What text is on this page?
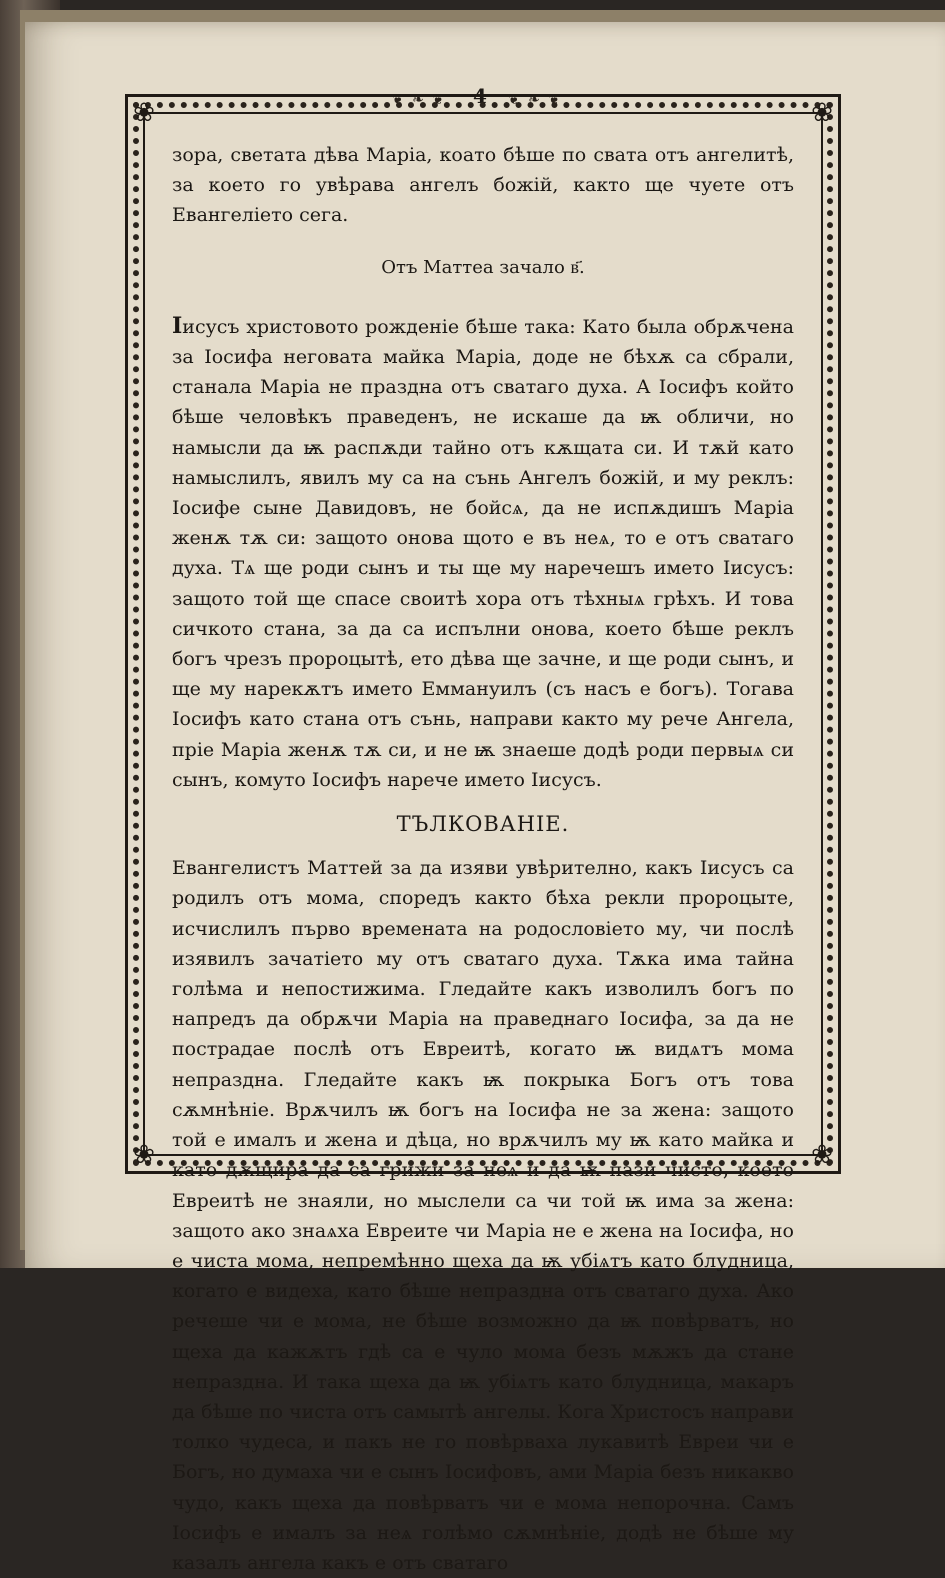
❦ ❧ ❦	4	❦ ❧ ❦
❀	❀
❀	❀

зора, светата дѣва Марiа, коато бѣше по свата отъ ангелитѣ, за което го увѣрава ангелъ божiй, както ще чуете отъ Евангелiето сега.

Отъ Маттеа зачало в҃.

Iисусъ христовото рожденiе бѣше така: Като была обрѫчена за Iосифа неговата майка Марiа, доде не бѣхѫ са сбрали, станала Марiа не праздна отъ сватаго духа. А Iосифъ който бѣше человѣкъ праведенъ, не искаше да ѭ обличи, но намысли да ѭ распѫди тайно отъ кѫщата си. И тѫй като намыслилъ, явилъ му са на сънь Ангелъ божiй, и му реклъ: Iосифе сыне Давидовъ, не бойсѧ, да не испѫдишъ Марiа женѫ тѫ си: защото онова щото е въ неѧ, то е отъ сватаго духа. Тѧ ще роди сынъ и ты ще му наречешъ името Iисусъ: защото той ще спасе своитѣ хора отъ тѣхныѧ грѣхъ. И това сичкото стана, за да са испълни онова, което бѣше реклъ богъ чрезъ пророцытѣ, ето дѣва ще зачне, и ще роди сынъ, и ще му нарекѫтъ името Еммануилъ (съ насъ е богъ). Тогава Iосифъ като стана отъ сънь, направи както му рече Ангела, прiе Марiа женѫ тѫ си, и не ѭ знаеше додѣ роди первыѧ си сынъ, комуто Iосифъ нарече името Iисусъ.

ТЪЛКОВАНIЕ.

Евангелистъ Маттей за да изяви увѣрително, какъ Iисусъ са родилъ отъ мома, споредъ както бѣха рекли пророцыте, исчислилъ първо времената на родословiето му, чи послѣ изявилъ зачатiето му отъ сватаго духа. Тѫка има тайна голѣма и непостижима. Гледайте какъ изволилъ богъ по напредъ да обрѫчи Марiа на праведнаго Iосифа, за да не пострадае послѣ отъ Евреитѣ, когато ѭ видѧтъ мома непраздна. Гледайте какъ ѭ покрыка Богъ отъ това сѫмнѣнiе. Врѫчилъ ѭ богъ на Iосифа не за жена: защото той е ималъ и жена и дѣца, но врѫчилъ му ѭ като майка и като дѫщира да са грижи за неѧ и да ѭ пази чисто, което Евреитѣ не знаяли, но мыслели са чи той ѭ има за жена: защото ако знаѧха Евреите чи Марiа не е жена на Iосифа, но е чиста мома, непремѣнно щеха да ѭ убiѧтъ като блудница, когато е видеха, като бѣше непраздна отъ сватаго духа. Ако речеше чи е мома, не бѣше возможно да ѭ повѣрватъ, но щеха да кажѫтъ гдѣ са е чуло мома безъ мѫжъ да стане непраздна. И така щеха да ѭ убiѧтъ като блудница, макаръ да бѣше по чиста отъ самытѣ ангелы. Кога Христосъ направи толко чудеса, и пакъ не го повѣрваха лукавитѣ Евреи чи е Богъ, но думаха чи е сынъ Iосифовъ, ами Марiа безъ никакво чудо, какъ щеха да повѣрватъ чи е мома непорочна. Самъ Iосифъ е ималъ за неѧ голѣмо сѫмнѣнiе, додѣ не бѣше му казалъ ангела какъ е отъ сватаго
